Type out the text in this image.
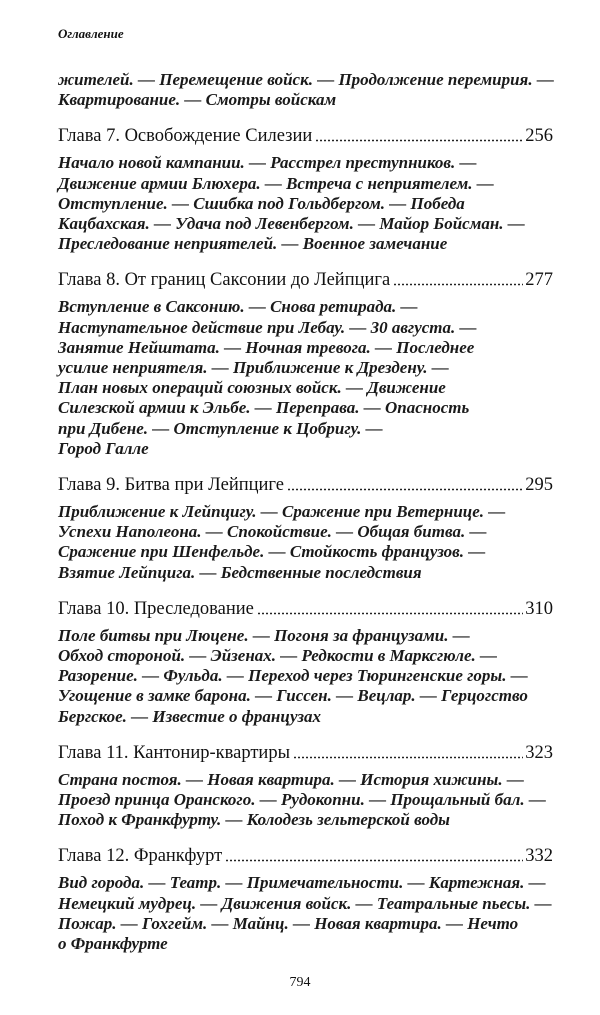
Оглавление
жителей. — Перемещение войск. — Продолжение перемирия. —
Квартирование. — Смотры войскам
Глава 7. Освобождение Силезии	256
Начало новой кампании. — Расстрел преступников. —
Движение армии Блюхера. — Встреча с неприятелем. —
Отступление. — Сшибка под Гольдбергом. — Победа
Кацбахская. — Удача под Левенбергом. — Майор Бойсман. —
Преследование неприятелей. — Военное замечание
Глава 8. От границ Саксонии до Лейпцига	277
Вступление в Саксонию. — Снова ретирада. —
Наступательное действие при Лебау. — 30 августа. —
Занятие Нейштата. — Ночная тревога. — Последнее
усилие неприятеля. — Приближение к Дрездену. —
План новых операций союзных войск. — Движение
Силезской армии к Эльбе. — Переправа. — Опасность
при Дибене. — Отступление к Цобригу. —
Город Галле
Глава 9. Битва при Лейпциге	295
Приближение к Лейпцигу. — Сражение при Ветернице. —
Успехи Наполеона. — Спокойствие. — Общая битва. —
Сражение при Шенфельде. — Стойкость французов. —
Взятие Лейпцига. — Бедственные последствия
Глава 10. Преследование	310
Поле битвы при Люцене. — Погоня за французами. —
Обход стороной. — Эйзенах. — Редкости в Марксгюле. —
Разорение. — Фульда. — Переход через Тюрингенские горы. —
Угощение в замке барона. — Гиссен. — Вецлар. — Герцогство
Бергское. — Известие о французах
Глава 11. Кантонир-квартиры	323
Страна постоя. — Новая квартира. — История хижины. —
Проезд принца Оранского. — Рудокопни. — Прощальный бал. —
Поход к Франкфурту. — Колодезь зельтерской воды
Глава 12. Франкфурт	332
Вид города. — Театр. — Примечательности. — Картежная. —
Немецкий мудрец. — Движения войск. — Театральные пьесы. —
Пожар. — Гохгейм. — Майнц. — Новая квартира. — Нечто
о Франкфурте
794
